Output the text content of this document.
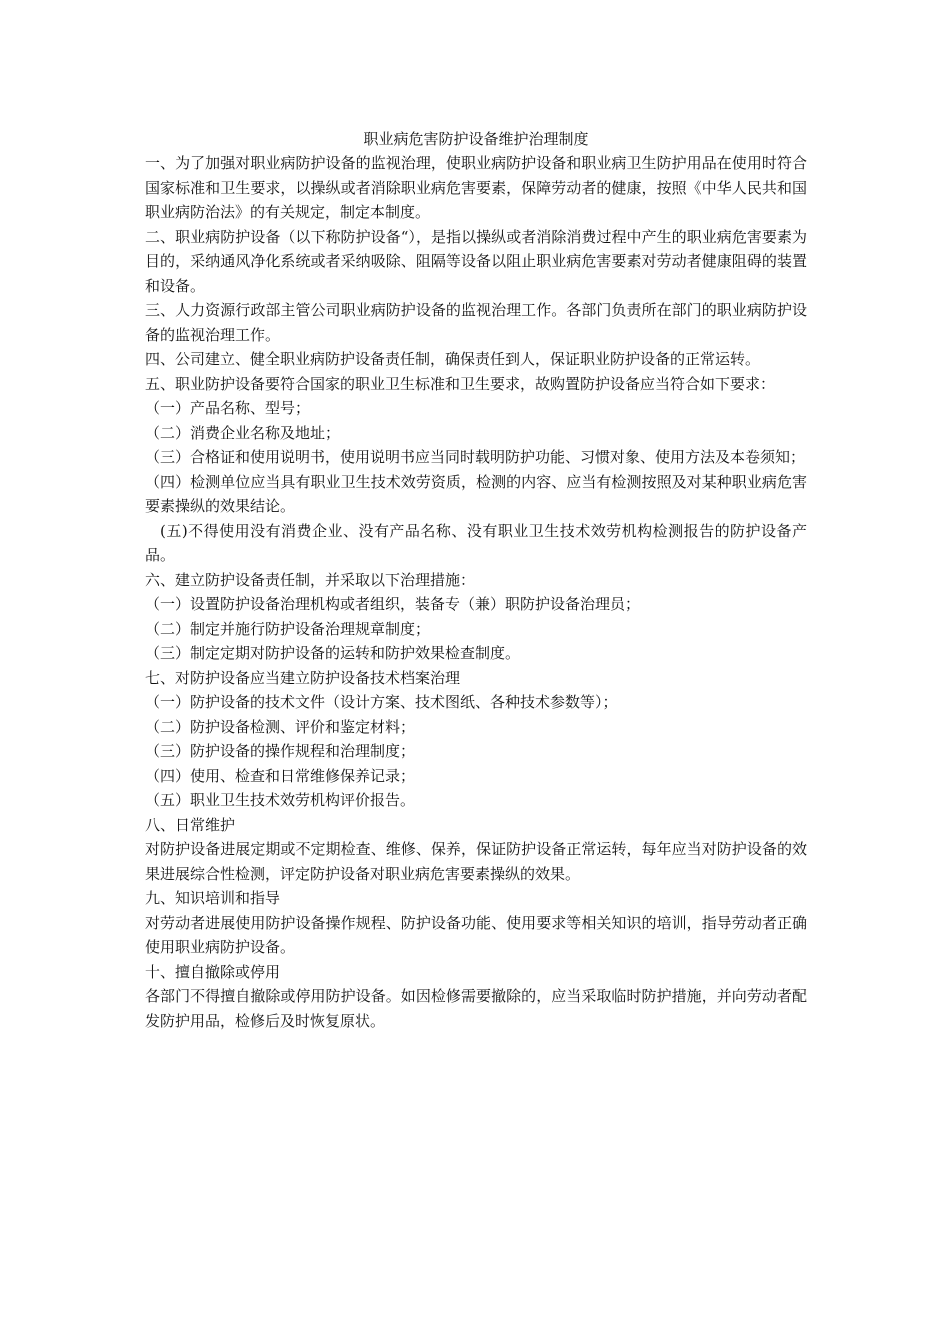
职业病危害防护设备维护治理制度

一、为了加强对职业病防护设备的监视治理，使职业病防护设备和职业病卫生防护用品在使用时符合国家标准和卫生要求，以操纵或者消除职业病危害要素，保障劳动者的健康，按照《中华人民共和国职业病防治法》的有关规定，制定本制度。

二、职业病防护设备（以下称防护设备“），是指以操纵或者消除消费过程中产生的职业病危害要素为目的，采纳通风净化系统或者采纳吸除、阻隔等设备以阻止职业病危害要素对劳动者健康阻碍的装置和设备。

三、人力资源行政部主管公司职业病防护设备的监视治理工作。各部门负责所在部门的职业病防护设备的监视治理工作。

四、公司建立、健全职业病防护设备责任制，确保责任到人，保证职业防护设备的正常运转。

五、职业防护设备要符合国家的职业卫生标准和卫生要求，故购置防护设备应当符合如下要求：

（一）产品名称、型号；

（二）消费企业名称及地址；

（三）合格证和使用说明书，使用说明书应当同时载明防护功能、习惯对象、使用方法及本卷须知；

（四）检测单位应当具有职业卫生技术效劳资质，检测的内容、应当有检测按照及对某种职业病危害要素操纵的效果结论。

(五)不得使用没有消费企业、没有产品名称、没有职业卫生技术效劳机构检测报告的防护设备产品。

六、建立防护设备责任制，并采取以下治理措施：

（一）设置防护设备治理机构或者组织，装备专（兼）职防护设备治理员；

（二）制定并施行防护设备治理规章制度；

（三）制定定期对防护设备的运转和防护效果检查制度。

七、对防护设备应当建立防护设备技术档案治理

（一）防护设备的技术文件（设计方案、技术图纸、各种技术参数等）；

（二）防护设备检测、评价和鉴定材料；

（三）防护设备的操作规程和治理制度；

（四）使用、检查和日常维修保养记录；

（五）职业卫生技术效劳机构评价报告。

八、日常维护

对防护设备进展定期或不定期检查、维修、保养，保证防护设备正常运转，每年应当对防护设备的效果进展综合性检测，评定防护设备对职业病危害要素操纵的效果。

九、知识培训和指导

对劳动者进展使用防护设备操作规程、防护设备功能、使用要求等相关知识的培训，指导劳动者正确使用职业病防护设备。

十、擅自撤除或停用

各部门不得擅自撤除或停用防护设备。如因检修需要撤除的，应当采取临时防护措施，并向劳动者配发防护用品，检修后及时恢复原状。
